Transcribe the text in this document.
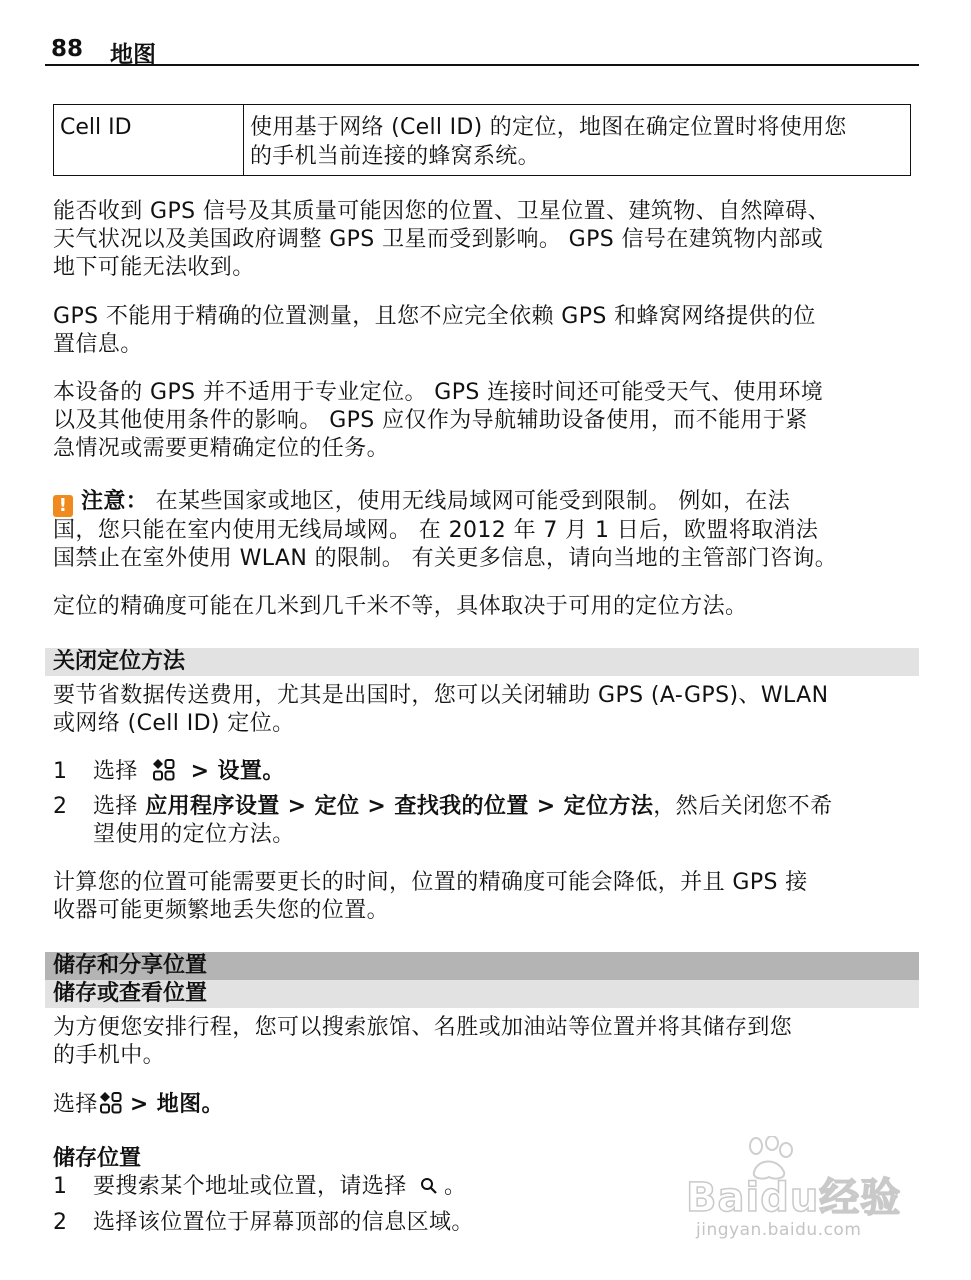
88 地图
Cell ID	使用基于网络 (Cell ID) 的定位，地图在确定位置时将使用您
的手机当前连接的蜂窝系统。
能否收到 GPS 信号及其质量可能因您的位置、卫星位置、建筑物、自然障碍、
天气状况以及美国政府调整 GPS 卫星而受到影响。 GPS 信号在建筑物内部或
地下可能无法收到。
GPS 不能用于精确的位置测量，且您不应完全依赖 GPS 和蜂窝网络提供的位
置信息。
本设备的 GPS 并不适用于专业定位。 GPS 连接时间还可能受天气、使用环境
以及其他使用条件的影响。 GPS 应仅作为导航辅助设备使用，而不能用于紧
急情况或需要更精确定位的任务。
! 注意： 在某些国家或地区，使用无线局域网可能受到限制。 例如，在法
国，您只能在室内使用无线局域网。 在 2012 年 7 月 1 日后，欧盟将取消法
国禁止在室外使用 WLAN 的限制。 有关更多信息，请向当地的主管部门咨询。
定位的精确度可能在几米到几千米不等，具体取决于可用的定位方法。
关闭定位方法
要节省数据传送费用，尤其是出国时，您可以关闭辅助 GPS (A-GPS)、WLAN
或网络 (Cell ID) 定位。
1 选择 > 设置。
2 选择 应用程序设置 > 定位 > 查找我的位置 > 定位方法，然后关闭您不希
望使用的定位方法。
计算您的位置可能需要更长的时间，位置的精确度可能会降低，并且 GPS 接
收器可能更频繁地丢失您的位置。
储存和分享位置
储存或查看位置
为方便您安排行程，您可以搜索旅馆、名胜或加油站等位置并将其储存到您
的手机中。
选择 > 地图。
储存位置
1 要搜索某个地址或位置，请选择 。
2 选择该位置位于屏幕顶部的信息区域。
Baidu经验
jingyan.baidu.com
